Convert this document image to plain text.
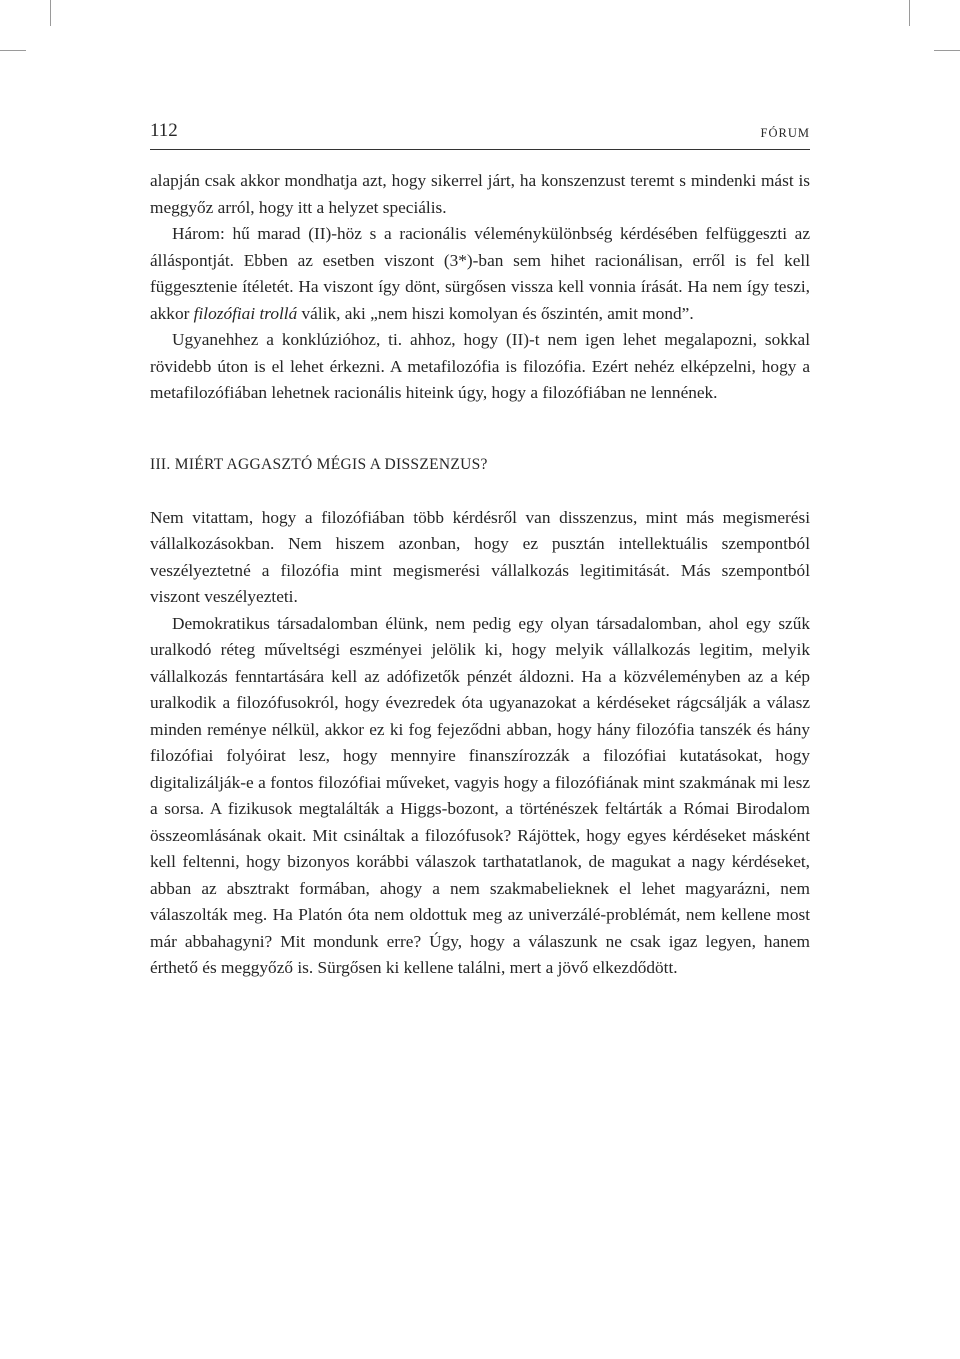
112	FÓRUM

alapján csak akkor mondhatja azt, hogy sikerrel járt, ha konszenzust teremt s mindenki mást is meggyőz arról, hogy itt a helyzet speciális.

Három: hű marad (II)-höz s a racionális véleménykülönbség kérdésében felfüggeszti az álláspontját. Ebben az esetben viszont (3*)-ban sem hihet racionálisan, erről is fel kell függesztenie ítéletét. Ha viszont így dönt, sürgősen vissza kell vonnia írását. Ha nem így teszi, akkor filozófiai trollá válik, aki „nem hiszi komolyan és őszintén, amit mond”.

Ugyanehhez a konklúzióhoz, ti. ahhoz, hogy (II)-t nem igen lehet megalapozni, sokkal rövidebb úton is el lehet érkezni. A metafilozófia is filozófia. Ezért nehéz elképzelni, hogy a metafilozófiában lehetnek racionális hiteink úgy, hogy a filozófiában ne lennének.

III. MIÉRT AGGASZTÓ MÉGIS A DISSZENZUS?

Nem vitattam, hogy a filozófiában több kérdésről van disszenzus, mint más megismerési vállalkozásokban. Nem hiszem azonban, hogy ez pusztán intellektuális szempontból veszélyeztetné a filozófia mint megismerési vállalkozás legitimitását. Más szempontból viszont veszélyezteti.

Demokratikus társadalomban élünk, nem pedig egy olyan társadalomban, ahol egy szűk uralkodó réteg műveltségi eszményei jelölik ki, hogy melyik vállalkozás legitim, melyik vállalkozás fenntartására kell az adófizetők pénzét áldozni. Ha a közvéleményben az a kép uralkodik a filozófusokról, hogy évezredek óta ugyanazokat a kérdéseket rágcsálják a válasz minden reménye nélkül, akkor ez ki fog fejeződni abban, hogy hány filozófia tanszék és hány filozófiai folyóirat lesz, hogy mennyire finanszírozzák a filozófiai kutatásokat, hogy digitalizálják-e a fontos filozófiai műveket, vagyis hogy a filozófiának mint szakmának mi lesz a sorsa. A fizikusok megtalálták a Higgs-bozont, a történészek feltárták a Római Birodalom összeomlásának okait. Mit csináltak a filozófusok? Rájöttek, hogy egyes kérdéseket másként kell feltenni, hogy bizonyos korábbi válaszok tarthatatlanok, de magukat a nagy kérdéseket, abban az absztrakt formában, ahogy a nem szakmabelieknek el lehet magyarázni, nem válaszolták meg. Ha Platón óta nem oldottuk meg az univerzálé-problémát, nem kellene most már abbahagyni? Mit mondunk erre? Úgy, hogy a válaszunk ne csak igaz legyen, hanem érthető és meggyőző is. Sürgősen ki kellene találni, mert a jövő elkezdődött.
